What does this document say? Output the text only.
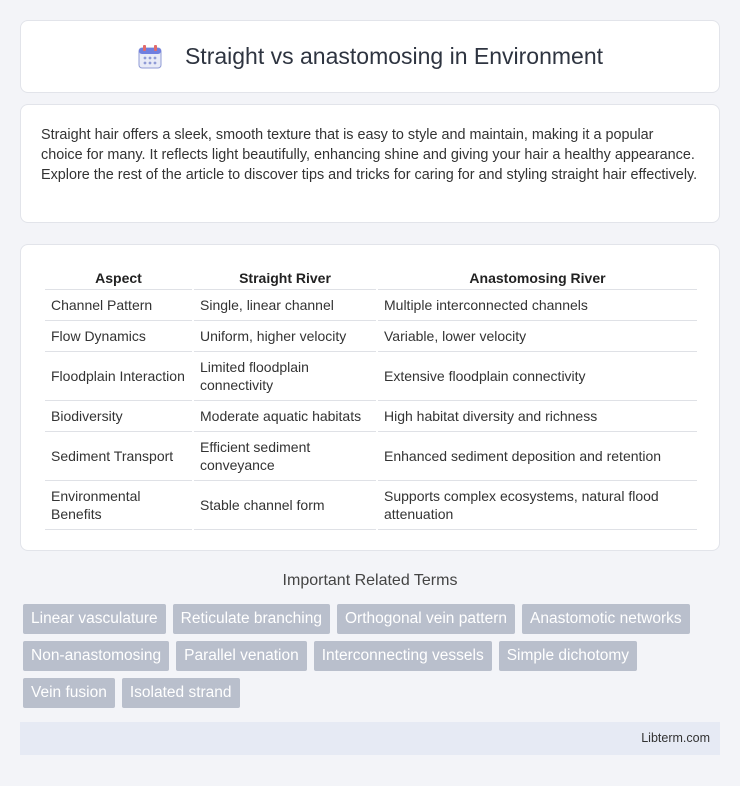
Straight vs anastomosing in Environment

Straight hair offers a sleek, smooth texture that is easy to style and maintain, making it a popular choice for many. It reflects light beautifully, enhancing shine and giving your hair a healthy appearance. Explore the rest of the article to discover tips and tricks for caring for and styling straight hair effectively.

Aspect	Straight River	Anastomosing River
Channel Pattern	Single, linear channel	Multiple interconnected channels
Flow Dynamics	Uniform, higher velocity	Variable, lower velocity
Floodplain Interaction	Limited floodplain connectivity	Extensive floodplain connectivity
Biodiversity	Moderate aquatic habitats	High habitat diversity and richness
Sediment Transport	Efficient sediment conveyance	Enhanced sediment deposition and retention
Environmental Benefits	Stable channel form	Supports complex ecosystems, natural flood attenuation
Important Related Terms
Linear vasculature	Reticulate branching	Orthogonal vein pattern	Anastomotic networks
Non-anastomosing	Parallel venation	Interconnecting vessels	Simple dichotomy
Vein fusion	Isolated strand
Libterm.com
